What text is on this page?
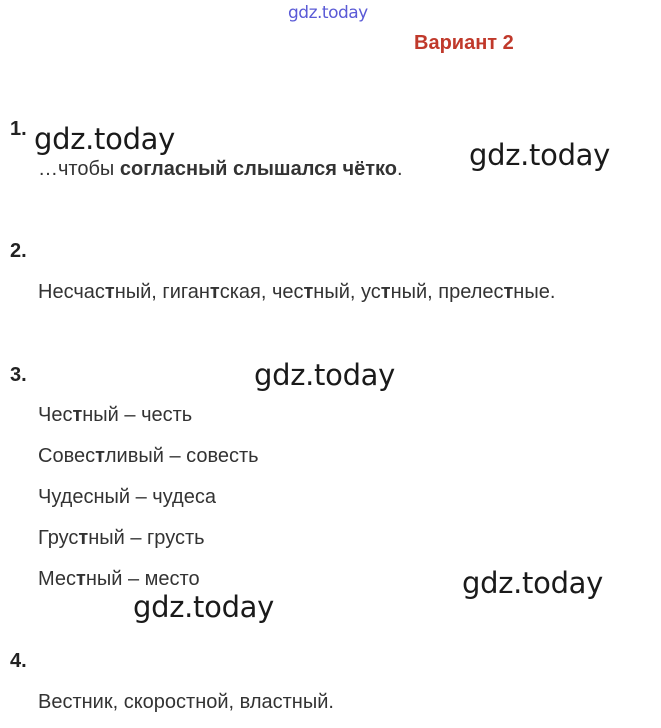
gdz.today
Вариант 2
1.
…чтобы согласный слышался чётко.
2.
Несчастный, гигантская, честный, устный, прелестные.
3.
Честный – честь
Сoвестливый – совесть
Чудесный – чудеса
Грустный – грусть
Местный – место
4.
Вестник, скоростной, властный.
gdz.today	gdz.today
gdz.today
gdz.today
gdz.today
